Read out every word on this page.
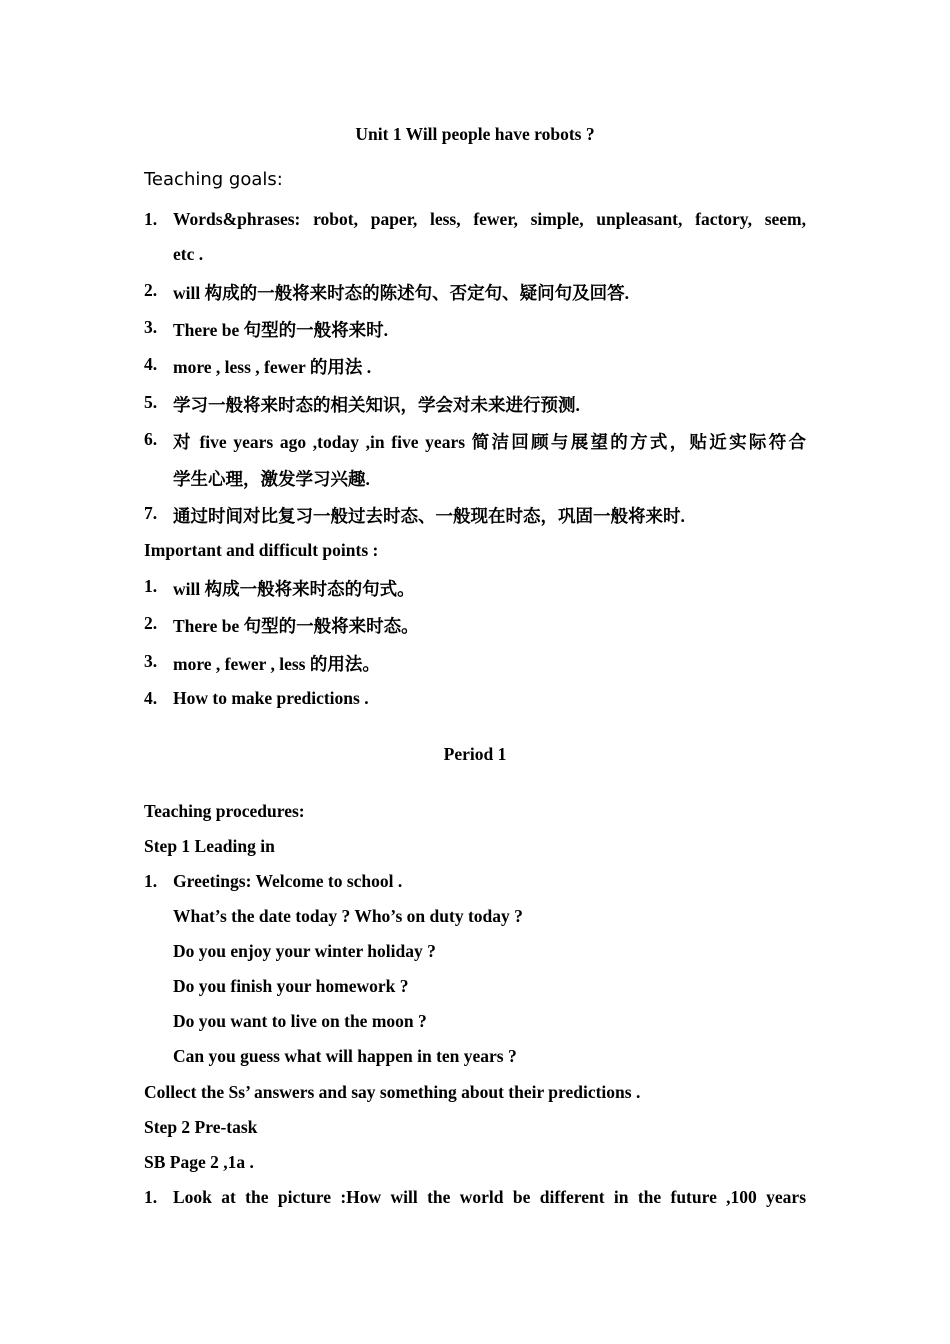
Unit 1 Will people have robots ?
Teaching goals:
1. Words&phrases: robot, paper, less, fewer, simple, unpleasant, factory, seem,
etc .
2. will 构成的一般将来时态的陈述句、否定句、疑问句及回答.
3. There be 句型的一般将来时.
4. more , less , fewer 的用法 .
5. 学习一般将来时态的相关知识，学会对未来进行预测.
6. 对 five years ago ,today ,in five years 简洁回顾与展望的方式，贴近实际符合
学生心理，激发学习兴趣.
7. 通过时间对比复习一般过去时态、一般现在时态，巩固一般将来时.
Important and difficult points :
1. will 构成一般将来时态的句式。
2. There be 句型的一般将来时态。
3. more , fewer , less 的用法。
4. How to make predictions .
Period 1
Teaching procedures:
Step 1 Leading in
1. Greetings: Welcome to school .
What’s the date today ? Who’s on duty today ?
Do you enjoy your winter holiday ?
Do you finish your homework ?
Do you want to live on the moon ?
Can you guess what will happen in ten years ?
Collect the Ss’ answers and say something about their predictions .
Step 2 Pre-task
SB Page 2 ,1a .
1. Look at the picture :How will the world be different in the future ,100 years
